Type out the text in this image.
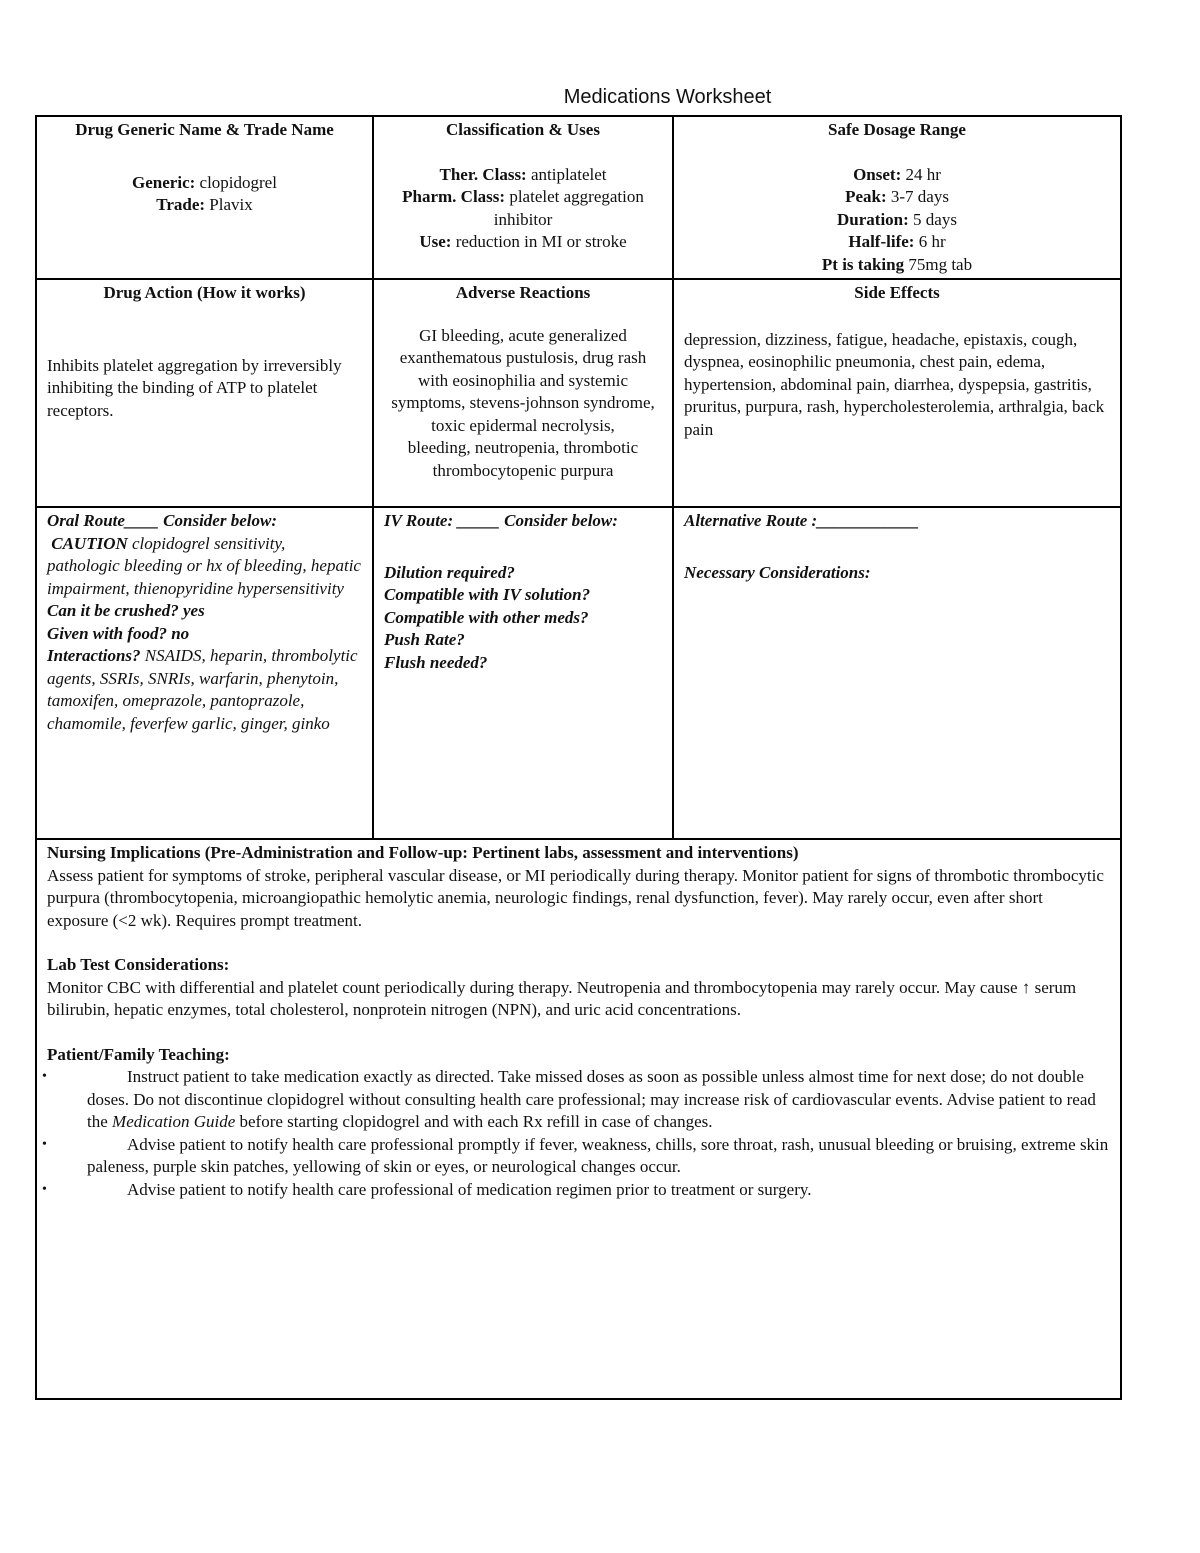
Medications Worksheet
Drug Generic Name & Trade Name
Generic: clopidogrel
Trade: Plavix
Classification & Uses
Ther. Class: antiplatelet
Pharm. Class: platelet aggregation inhibitor
Use: reduction in MI or stroke
Safe Dosage Range
Onset: 24 hr
Peak: 3-7 days
Duration: 5 days
Half-life: 6 hr
Pt is taking 75mg tab
Drug Action (How it works)
Inhibits platelet aggregation by irreversibly inhibiting the binding of ATP to platelet receptors.
Adverse Reactions
GI bleeding, acute generalized exanthematous pustulosis, drug rash with eosinophilia and systemic symptoms, stevens-johnson syndrome, toxic epidermal necrolysis,
bleeding, neutropenia, thrombotic thrombocytopenic purpura
Side Effects
depression, dizziness, fatigue, headache, epistaxis, cough, dyspnea, eosinophilic pneumonia, chest pain, edema, hypertension, abdominal pain, diarrhea, dyspepsia, gastritis, pruritus, purpura, rash, hypercholesterolemia, arthralgia, back pain
Oral Route____ Consider below:
CAUTION clopidogrel sensitivity, pathologic bleeding or hx of bleeding, hepatic impairment, thienopyridine hypersensitivity
Can it be crushed? yes
Given with food? no
Interactions? NSAIDS, heparin, thrombolytic agents, SSRIs, SNRIs, warfarin, phenytoin, tamoxifen, omeprazole, pantoprazole, chamomile, feverfew garlic, ginger, ginko
IV Route: _____ Consider below:
Dilution required?
Compatible with IV solution?
Compatible with other meds?
Push Rate?
Flush needed?
Alternative Route :____________
Necessary Considerations:

Nursing Implications (Pre-Administration and Follow-up: Pertinent labs, assessment and interventions)

Assess patient for symptoms of stroke, peripheral vascular disease, or MI periodically during therapy. Monitor patient for signs of thrombotic thrombocytic purpura (thrombocytopenia, microangiopathic hemolytic anemia, neurologic findings, renal dysfunction, fever). May rarely occur, even after short exposure (<2 wk). Requires prompt treatment.

Lab Test Considerations:

Monitor CBC with differential and platelet count periodically during therapy. Neutropenia and thrombocytopenia may rarely occur. May cause ↑ serum bilirubin, hepatic enzymes, total cholesterol, nonprotein nitrogen (NPN), and uric acid concentrations.

Patient/Family Teaching:

•	Instruct patient to take medication exactly as directed. Take missed doses as soon as possible unless almost time for next dose; do not double doses. Do not discontinue clopidogrel without consulting health care professional; may increase risk of cardiovascular events. Advise patient to read the Medication Guide before starting clopidogrel and with each Rx refill in case of changes.
•	Advise patient to notify health care professional promptly if fever, weakness, chills, sore throat, rash, unusual bleeding or bruising, extreme skin paleness, purple skin patches, yellowing of skin or eyes, or neurological changes occur.
•	Advise patient to notify health care professional of medication regimen prior to treatment or surgery.
